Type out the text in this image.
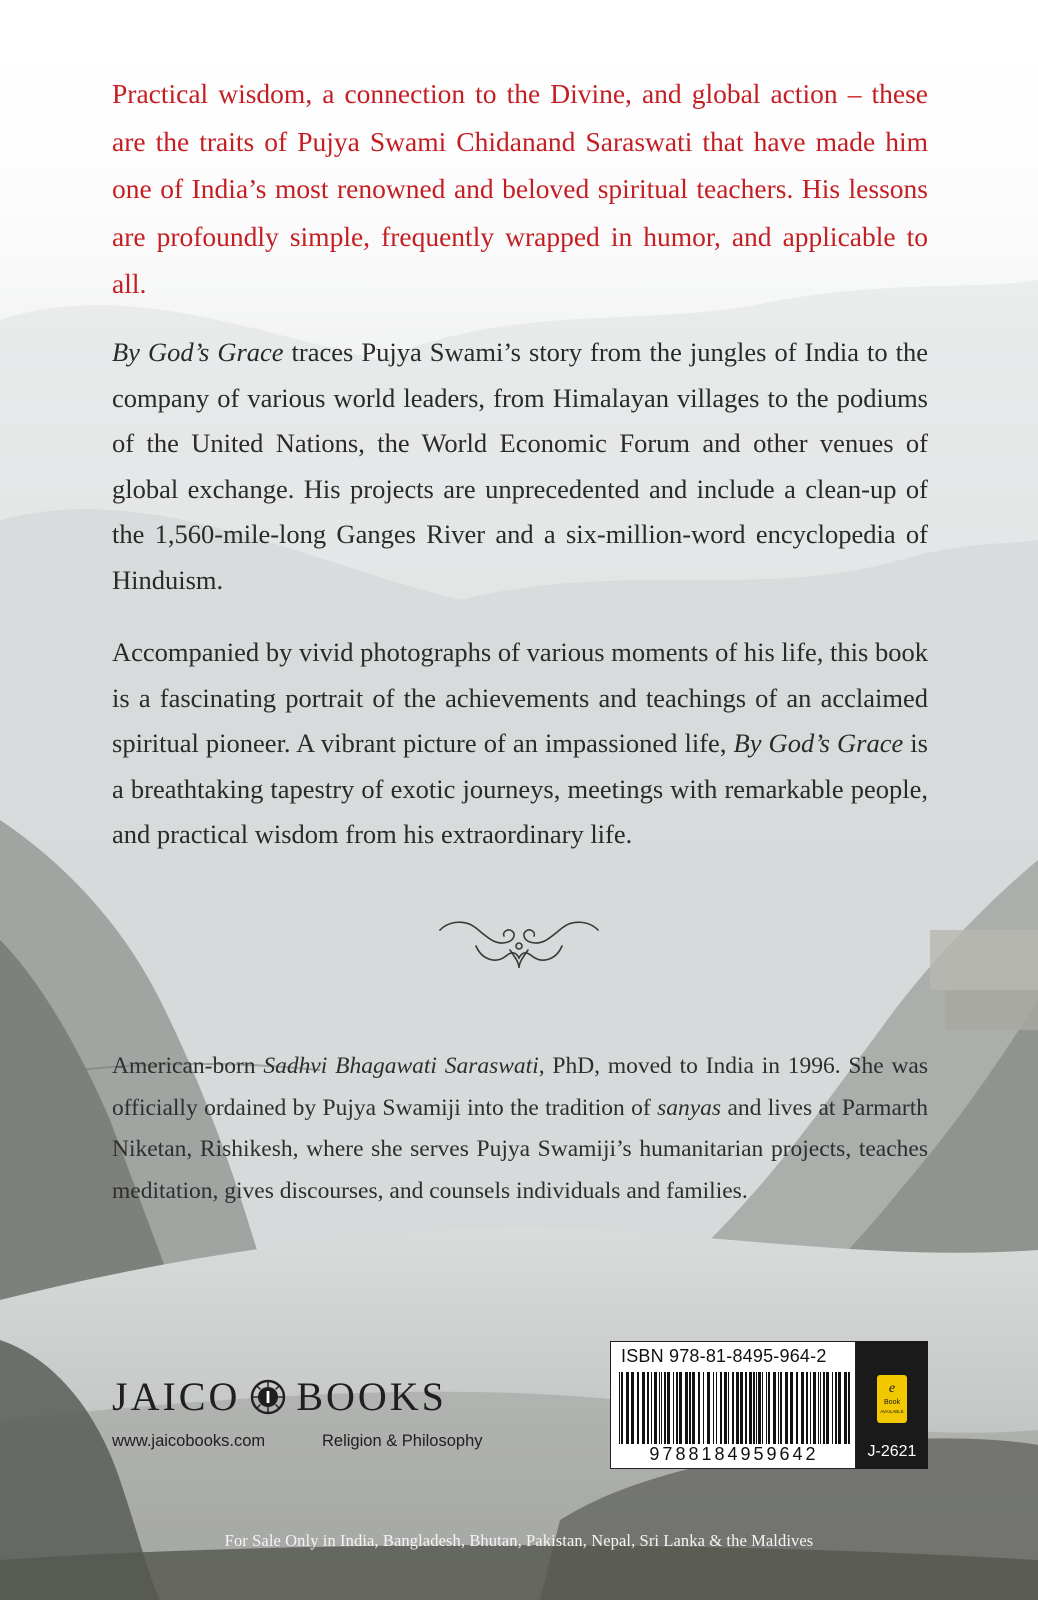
Practical wisdom, a connection to the Divine, and global action – these are the traits of Pujya Swami Chidanand Saraswati that have made him one of India’s most renowned and beloved spiritual teachers. His lessons are profoundly simple, frequently wrapped in humor, and applicable to all.

By God’s Grace traces Pujya Swami’s story from the jungles of India to the company of various world leaders, from Himalayan villages to the podiums of the United Nations, the World Economic Forum and other venues of global exchange. His projects are unprecedented and include a clean-up of the 1,560-mile-long Ganges River and a six-million-word encyclopedia of Hinduism.

Accompanied by vivid photographs of various moments of his life, this book is a fascinating portrait of the achievements and teachings of an acclaimed spiritual pioneer. A vibrant picture of an impassioned life, By God’s Grace is a breathtaking tapestry of exotic journeys, meetings with remarkable people, and practical wisdom from his extraordinary life.

American-born Sadhvi Bhagawati Saraswati, PhD, moved to India in 1996. She was officially ordained by Pujya Swamiji into the tradition of sanyas and lives at Parmarth Niketan, Rishikesh, where she serves Pujya Swamiji’s humanitarian projects, teaches meditation, gives discourses, and counsels individuals and families.

JAICO BOOKS
www.jaicobooks.com	Religion & Philosophy
ISBN 978-81-8495-964-2
9788184959642
e
Book
AVAILABLE
J-2621
For Sale Only in India, Bangladesh, Bhutan, Pakistan, Nepal, Sri Lanka & the Maldives
